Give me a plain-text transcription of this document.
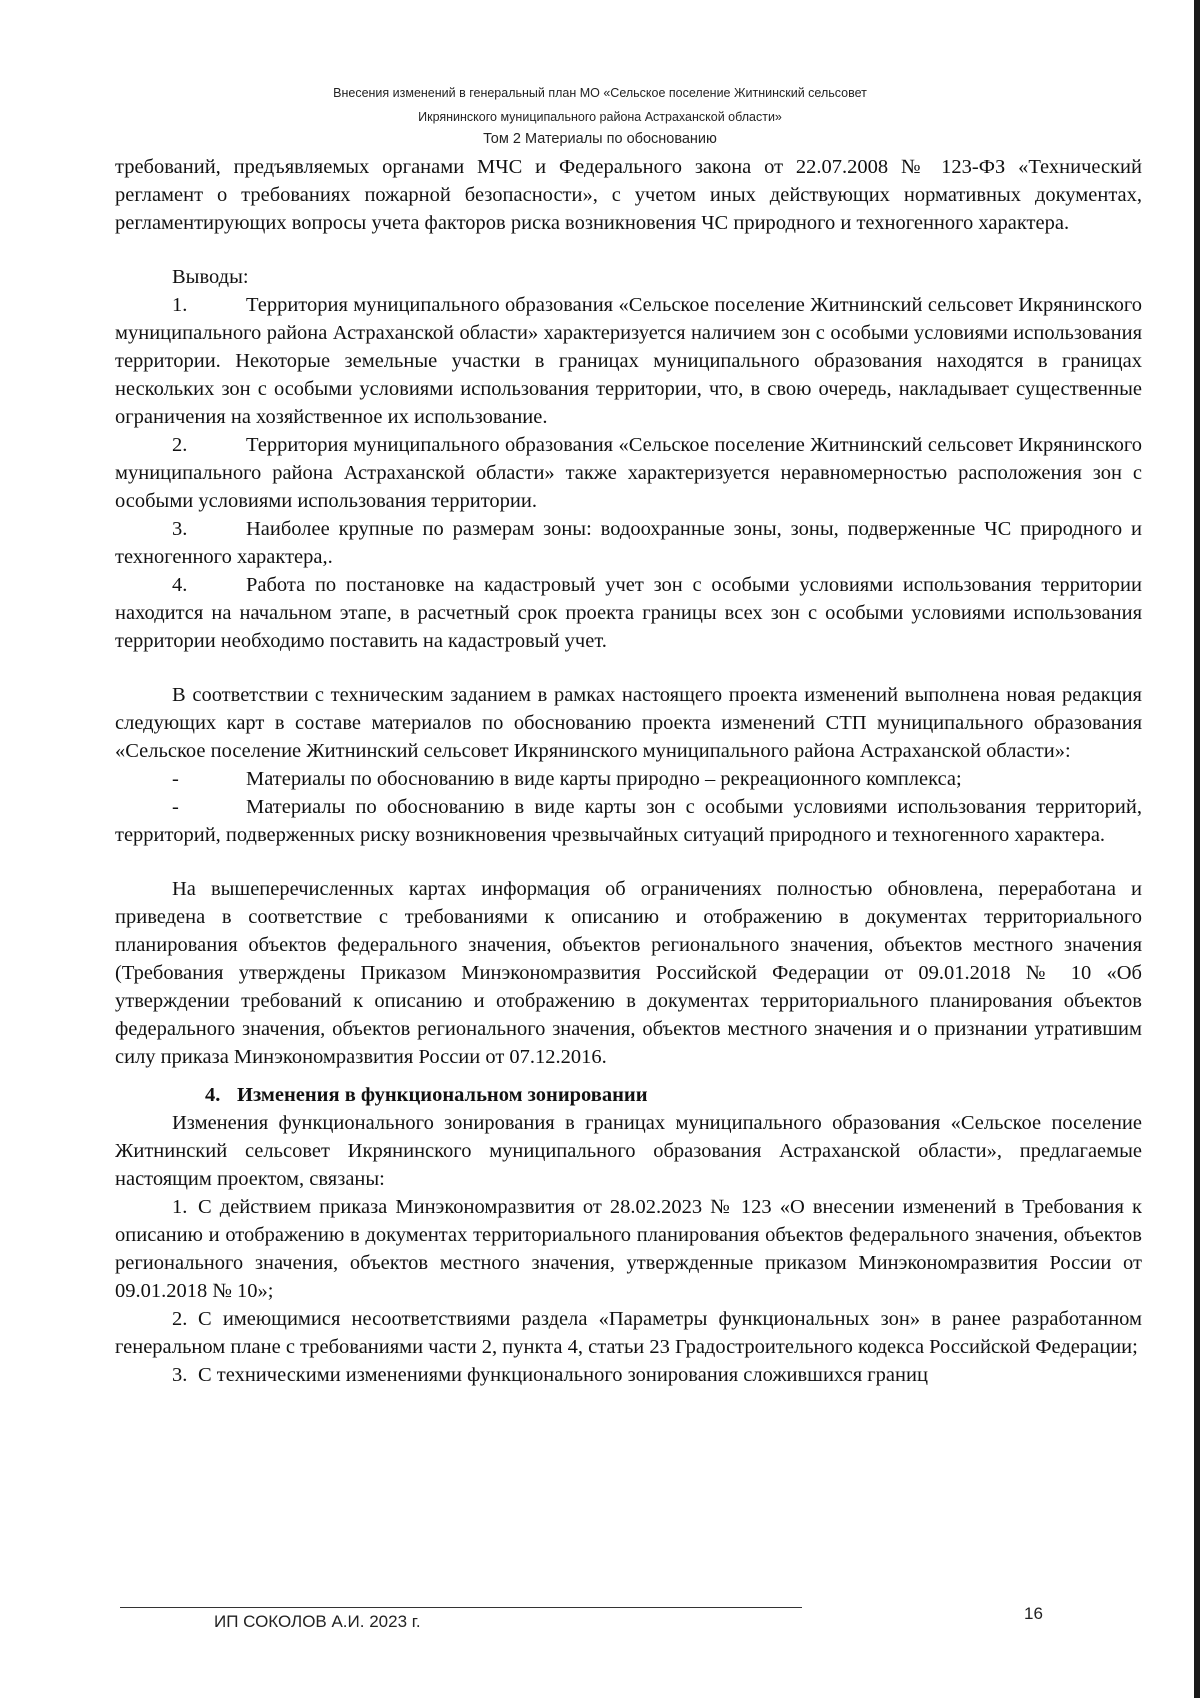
Внесения изменений в генеральный план МО «Сельское поселение Житнинский сельсовет
Икрянинского муниципального района Астраханской области»
Том 2 Материалы по обоснованию

требований, предъявляемых органами МЧС и Федерального закона от 22.07.2008 № 123-ФЗ «Технический регламент о требованиях пожарной безопасности», с учетом иных действующих нормативных документах, регламентирующих вопросы учета факторов риска возникновения ЧС природного и техногенного характера.

Выводы:

1.	Территория муниципального образования «Сельское поселение Житнинский сельсовет Икрянинского муниципального района Астраханской области» характеризуется наличием зон с особыми условиями использования территории. Некоторые земельные участки в границах муниципального образования находятся в границах нескольких зон с особыми условиями использования территории, что, в свою очередь, накладывает существенные ограничения на хозяйственное их использование.

2.	Территория муниципального образования «Сельское поселение Житнинский сельсовет Икрянинского муниципального района Астраханской области» также характеризуется неравномерностью расположения зон с особыми условиями использования территории.

3.	Наиболее крупные по размерам зоны: водоохранные зоны, зоны, подверженные ЧС природного и техногенного характера,.

4.	Работа по постановке на кадастровый учет зон с особыми условиями использования территории находится на начальном этапе, в расчетный срок проекта границы всех зон с особыми условиями использования территории необходимо поставить на кадастровый учет.

В соответствии с техническим заданием в рамках настоящего проекта изменений выполнена новая редакция следующих карт в составе материалов по обоснованию проекта изменений СТП муниципального образования «Сельское поселение Житнинский сельсовет Икрянинского муниципального района Астраханской области»:

-	Материалы по обоснованию в виде карты природно – рекреационного комплекса;

-	Материалы по обоснованию в виде карты зон с особыми условиями использования территорий, территорий, подверженных риску возникновения чрезвычайных ситуаций природного и техногенного характера.

На вышеперечисленных картах информация об ограничениях полностью обновлена, переработана и приведена в соответствие с требованиями к описанию и отображению в документах территориального планирования объектов федерального значения, объектов регионального значения, объектов местного значения (Требования утверждены Приказом Минэкономразвития Российской Федерации от 09.01.2018 № 10 «Об утверждении требований к описанию и отображению в документах территориального планирования объектов федерального значения, объектов регионального значения, объектов местного значения и о признании утратившим силу приказа Минэкономразвития России от 07.12.2016.

4. Изменения в функциональном зонировании

Изменения функционального зонирования в границах муниципального образования «Сельское поселение Житнинский сельсовет Икрянинского муниципального образования Астраханской области», предлагаемые настоящим проектом, связаны:

1. С действием приказа Минэкономразвития от 28.02.2023 № 123 «О внесении изменений в Требования к описанию и отображению в документах территориального планирования объектов федерального значения, объектов регионального значения, объектов местного значения, утвержденные приказом Минэкономразвития России от 09.01.2018 № 10»;

2. С имеющимися несоответствиями раздела «Параметры функциональных зон» в ранее разработанном генеральном плане с требованиями части 2, пункта 4, статьи 23 Градостроительного кодекса Российской Федерации;

3. С техническими изменениями функционального зонирования сложившихся границ

ИП СОКОЛОВ А.И. 2023 г.	16
